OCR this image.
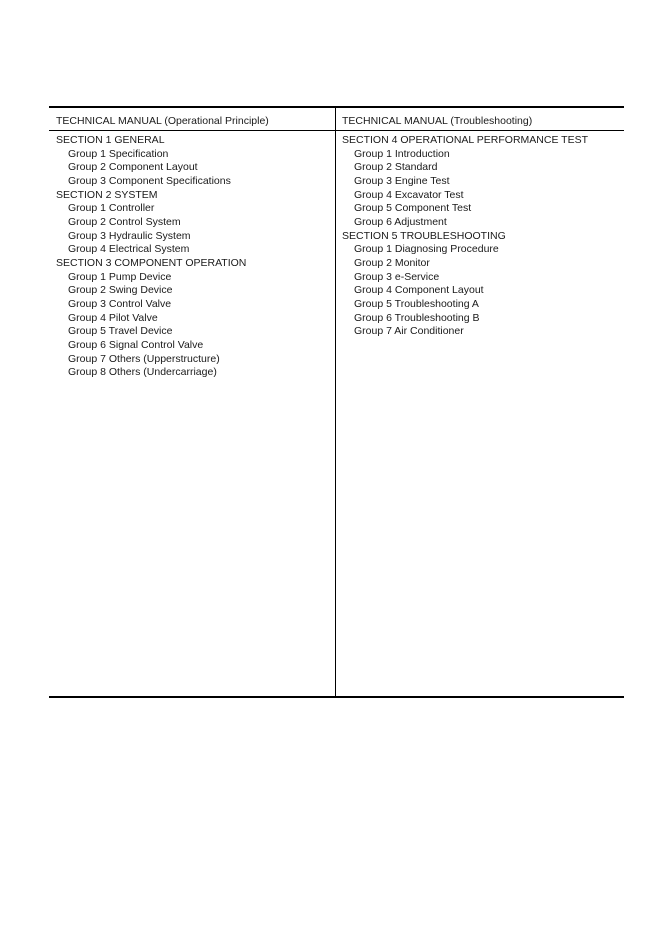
TECHNICAL MANUAL (Operational Principle)
SECTION 1 GENERAL
Group 1 Specification
Group 2 Component Layout
Group 3 Component Specifications
SECTION 2 SYSTEM
Group 1 Controller
Group 2 Control System
Group 3 Hydraulic System
Group 4 Electrical System
SECTION 3 COMPONENT OPERATION
Group 1 Pump Device
Group 2 Swing Device
Group 3 Control Valve
Group 4 Pilot Valve
Group 5 Travel Device
Group 6 Signal Control Valve
Group 7 Others (Upperstructure)
Group 8 Others (Undercarriage)
TECHNICAL MANUAL (Troubleshooting)
SECTION 4 OPERATIONAL PERFORMANCE TEST
Group 1 Introduction
Group 2 Standard
Group 3 Engine Test
Group 4 Excavator Test
Group 5 Component Test
Group 6 Adjustment
SECTION 5 TROUBLESHOOTING
Group 1 Diagnosing Procedure
Group 2 Monitor
Group 3 e-Service
Group 4 Component Layout
Group 5 Troubleshooting A
Group 6 Troubleshooting B
Group 7 Air Conditioner
